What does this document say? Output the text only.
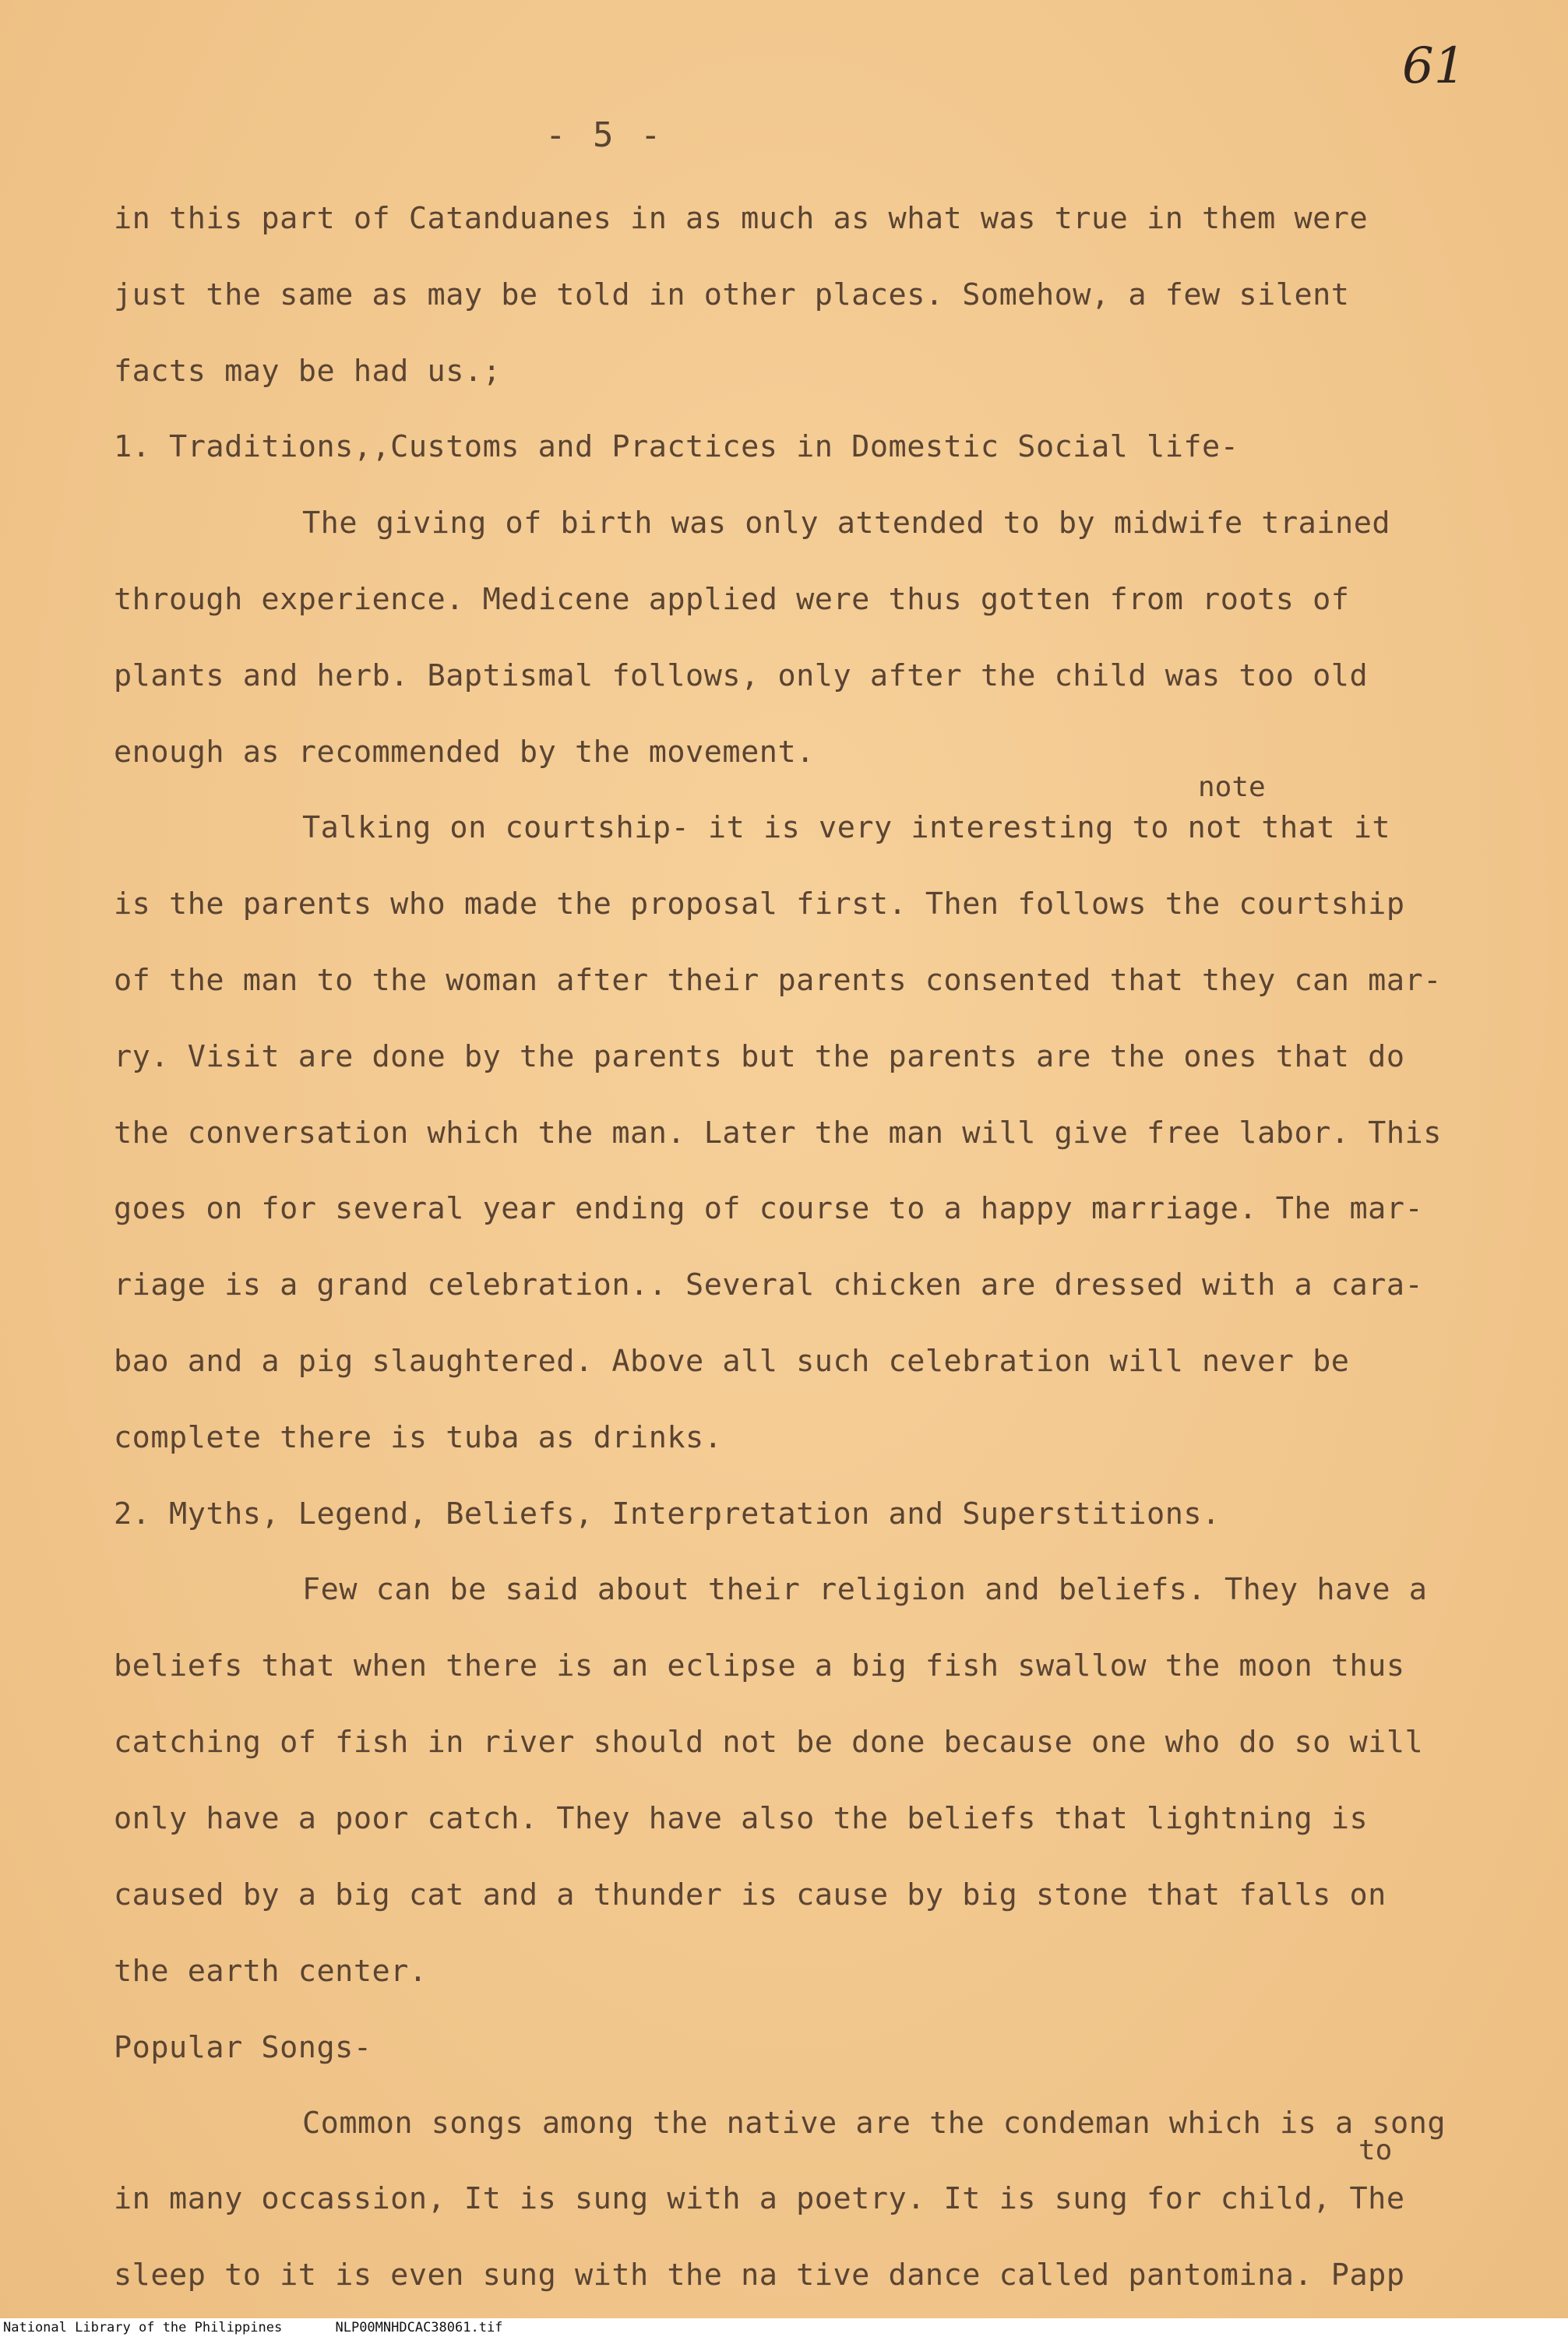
61
- 5 -
in this part of Catanduanes in as much as what was true in them were
just the same as may be told in other places. Somehow, a few silent
facts may be had us.;
1. Traditions,,Customs and Practices in Domestic Social life-
The giving of birth was only attended to by midwife trained
through experience. Medicene applied were thus gotten from roots of
plants and herb. Baptismal follows, only after the child was too old
enough as recommended by the movement.
note
Talking on courtship- it is very interesting to not that it
is the parents who made the proposal first. Then follows the courtship
of the man to the woman after their parents consented that they can mar-
ry. Visit are done by the parents but the parents are the ones that do
the conversation which the man. Later the man will give free labor. This
goes on for several year ending of course to a happy marriage. The mar-
riage is a grand celebration.. Several chicken are dressed with a cara-
bao and a pig slaughtered. Above all such celebration will never be
complete there is tuba as drinks.
2. Myths, Legend, Beliefs, Interpretation and Superstitions.
Few can be said about their religion and beliefs. They have a
beliefs that when there is an eclipse a big fish swallow the moon thus
catching of fish in river should not be done because one who do so will
only have a poor catch. They have also the beliefs that lightning is
caused by a big cat and a thunder is cause by big stone that falls on
the earth center.
Popular Songs-
Common songs among the native are the condeman which is a song
to
in many occassion, It is sung with a poetry. It is sung for child, The
sleep to it is even sung with the na tive dance called pantomina. Papp
National Library of the Philippines	NLP00MNHDCAC38061.tif
